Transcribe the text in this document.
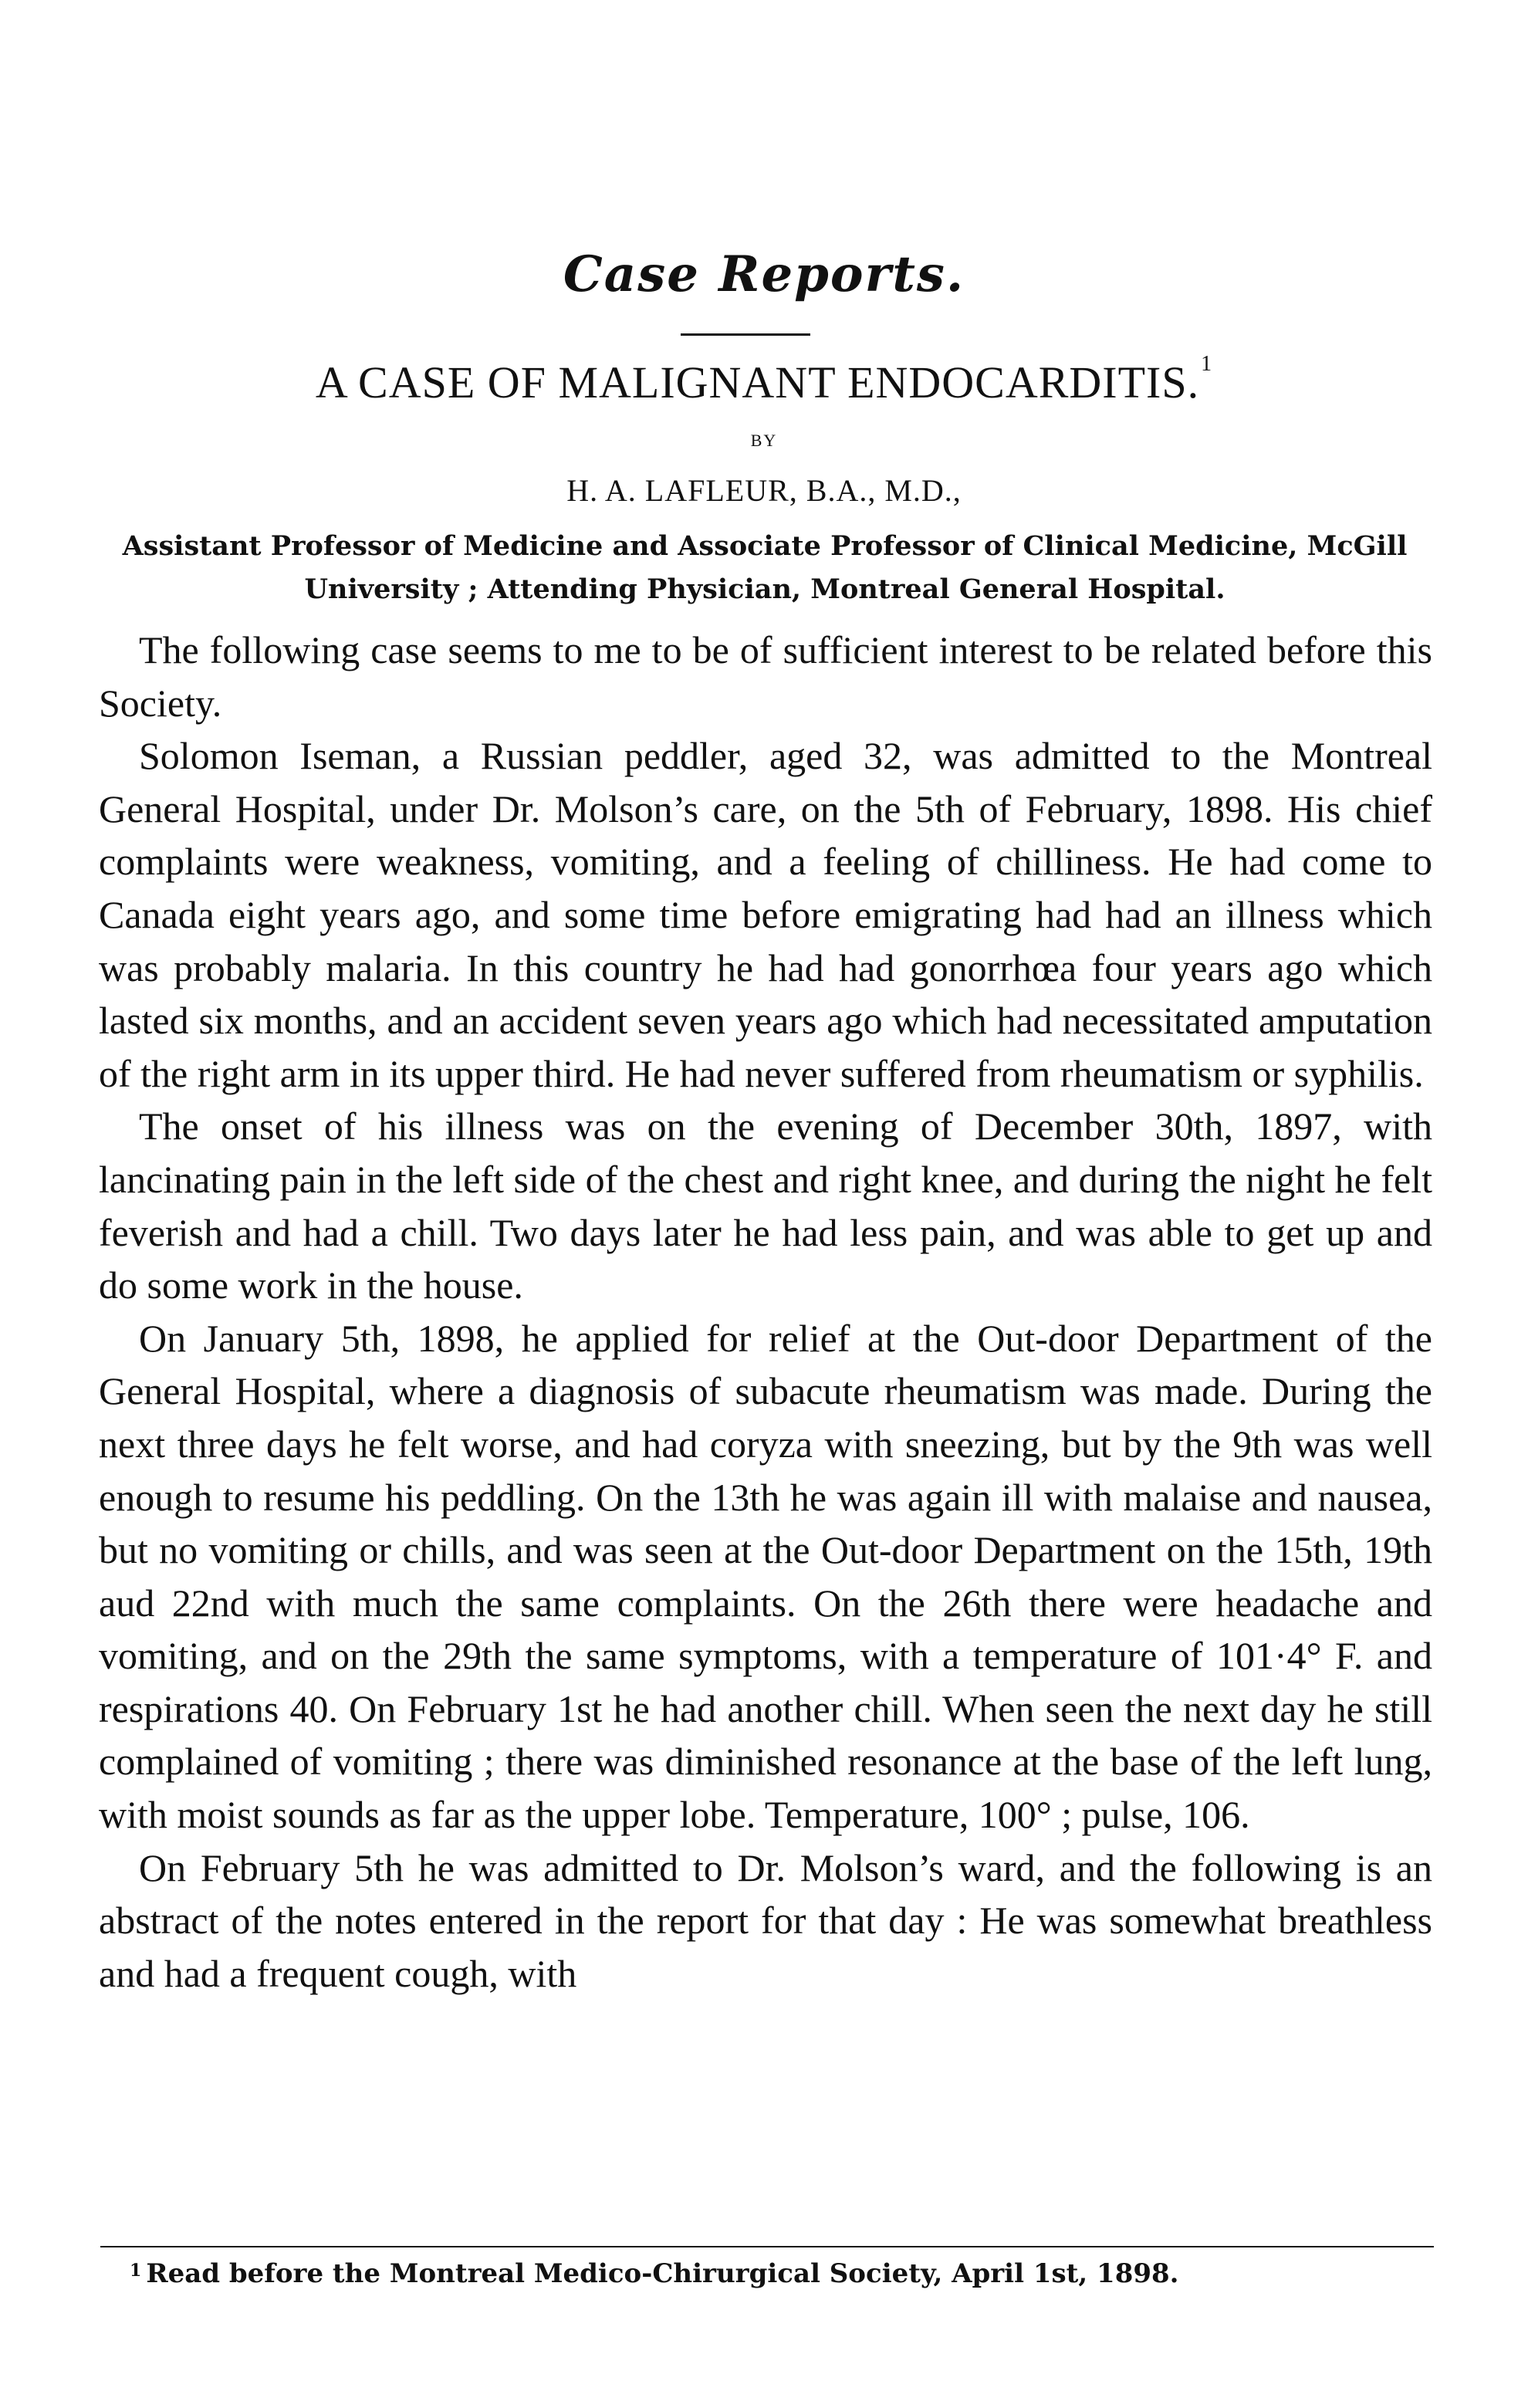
Case Reports.
A CASE OF MALIGNANT ENDOCARDITIS.$^1$
BY
H. A. LAFLEUR, B.A., M.D.,
Assistant Professor of Medicine and Associate Professor of Clinical Medicine, McGill University ; Attending Physician, Montreal General Hospital.

The following case seems to me to be of sufficient interest to be related before this Society.

Solomon Iseman, a Russian peddler, aged 32, was admitted to the Montreal General Hospital, under Dr. Molson’s care, on the 5th of February, 1898. His chief complaints were weakness, vomiting, and a feeling of chilliness. He had come to Canada eight years ago, and some time before emigrating had had an illness which was probably malaria. In this country he had had gonorrhœa four years ago which lasted six months, and an accident seven years ago which had necessitated amputation of the right arm in its upper third. He had never suffered from rheumatism or syphilis.

The onset of his illness was on the evening of December 30th, 1897, with lancinating pain in the left side of the chest and right knee, and during the night he felt feverish and had a chill. Two days later he had less pain, and was able to get up and do some work in the house.

On January 5th, 1898, he applied for relief at the Out-door Department of the General Hospital, where a diagnosis of subacute rheumatism was made. During the next three days he felt worse, and had coryza with sneezing, but by the 9th was well enough to resume his peddling. On the 13th he was again ill with malaise and nausea, but no vomiting or chills, and was seen at the Out-door Department on the 15th, 19th aud 22nd with much the same complaints. On the 26th there were headache and vomiting, and on the 29th the same symptoms, with a temperature of 101·4° F. and respirations 40. On February 1st he had another chill. When seen the next day he still complained of vomiting ; there was diminished resonance at the base of the left lung, with moist sounds as far as the upper lobe. Temperature, 100° ; pulse, 106.

On February 5th he was admitted to Dr. Molson’s ward, and the following is an abstract of the notes entered in the report for that day : He was somewhat breathless and had a frequent cough, with

$^1$ Read before the Montreal Medico-Chirurgical Society, April 1st, 1898.
